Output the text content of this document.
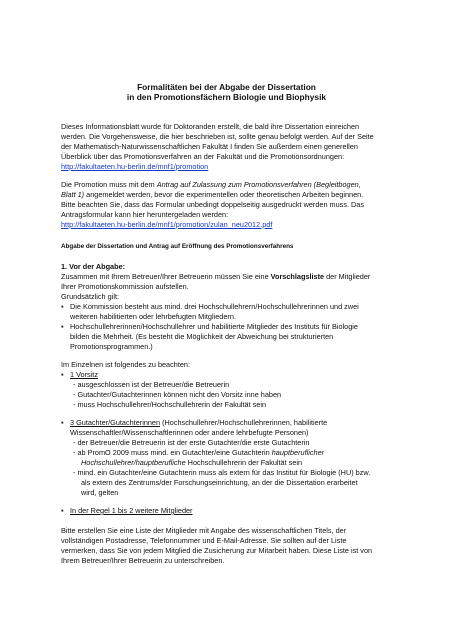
Formalitäten bei der Abgabe der Dissertation
in den Promotionsfächern Biologie und Biophysik
Dieses Informationsblatt wurde für Doktoranden erstellt, die bald ihre Dissertation einreichen
werden. Die Vorgehensweise, die hier beschrieben ist, sollte genau befolgt werden. Auf der Seite
der Mathematisch-Naturwissenschaftlichen Fakultät I finden Sie außerdem einen generellen
Überblick über das Promotionsverfahren an der Fakultät und die Promotionsordnungen:
http://fakultaeten.hu-berlin.de/mnf1/promotion
Die Promotion muss mit dem Antrag auf Zulassung zum Promotionsverfahren (Begleitbogen,
Blatt 1) angemeldet werden, bevor die experimentellen oder theoretischen Arbeiten beginnen.
Bitte beachten Sie, dass das Formular unbedingt doppelseitig ausgedruckt werden muss. Das
Antragsformular kann hier heruntergeladen werden:
http://fakultaeten.hu-berlin.de/mnf1/promotion/zulan_neu2012.pdf
Abgabe der Dissertation und Antrag auf Eröffnung des Promotionsverfahrens
1. Vor der Abgabe:
Zusammen mit Ihrem Betreuer/Ihrer Betreuerin müssen Sie eine Vorschlagsliste der Mitglieder
Ihrer Promotionskommission aufstellen.
Grundsätzlich gilt:
▪ Die Kommission besteht aus mind. drei Hochschullehrern/Hochschullehrerinnen und zwei
weiteren habilitierten oder lehrbefugten Mitgliedern.
▪ Hochschullehrerinnen/Hochschullehrer und habilitierte Mitglieder des Instituts für Biologie
bilden die Mehrheit. (Es besteht die Möglichkeit der Abweichung bei strukturierten
Promotionsprogrammen.)
Im Einzelnen ist folgendes zu beachten:
▪ 1 Vorsitz
- ausgeschlossen ist der Betreuer/die Betreuerin
- Gutachter/Gutachterinnen können nicht den Vorsitz inne haben
- muss Hochschullehrer/Hochschullehrerin der Fakultät sein
▪ 3 Gutachter/Gutachterinnen (Hochschullehrer/Hochschullehrerinnen, habilitierte
Wissenschaftler/Wissenschaftlerinnen oder andere lehrbefugte Personen)
- der Betreuer/die Betreuerin ist der erste Gutachter/die erste Gutachterin
- ab PromO 2009 muss mind. ein Gutachter/eine Gutachterin hauptberuflicher
Hochschullehrer/hauptberufliche Hochschullehrerin der Fakultät sein
- mind. ein Gutachter/eine Gutachterin muss als extern für das Institut für Biologie (HU) bzw.
als extern des Zentrums/der Forschungseinrichtung, an der die Dissertation erarbeitet
wird, gelten
▪ In der Regel 1 bis 2 weitere Mitglieder
Bitte erstellen Sie eine Liste der Mitglieder mit Angabe des wissenschaftlichen Titels, der
vollständigen Postadresse, Telefonnummer und E-Mail-Adresse. Sie sollten auf der Liste
vermerken, dass Sie von jedem Mitglied die Zusicherung zur Mitarbeit haben. Diese Liste ist von
Ihrem Betreuer/Ihrer Betreuerin zu unterschreiben.
